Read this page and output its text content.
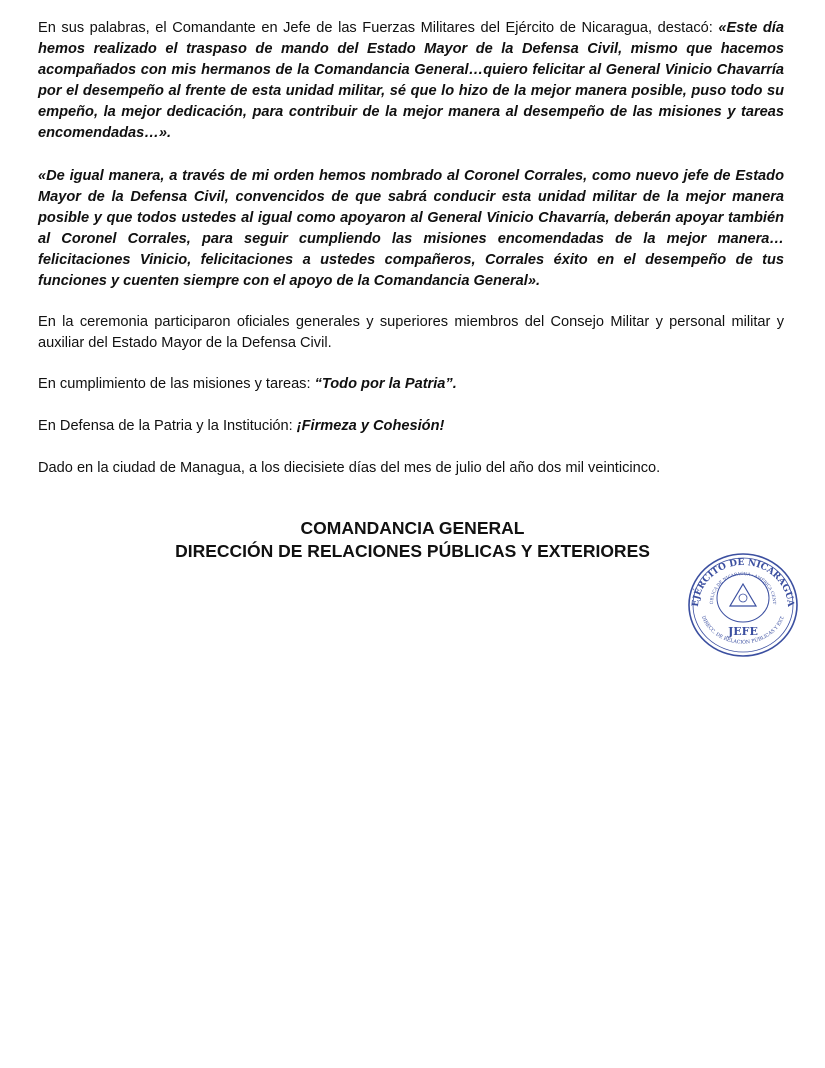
En sus palabras, el Comandante en Jefe de las Fuerzas Militares del Ejército de Nicaragua, destacó: «Este día hemos realizado el traspaso de mando del Estado Mayor de la Defensa Civil, mismo que hacemos acompañados con mis hermanos de la Comandancia General…quiero felicitar al General Vinicio Chavarría por el desempeño al frente de esta unidad militar, sé que lo hizo de la mejor manera posible, puso todo su empeño, la mejor dedicación, para contribuir de la mejor manera al desempeño de las misiones y tareas encomendadas…».

«De igual manera, a través de mi orden hemos nombrado al Coronel Corrales, como nuevo jefe de Estado Mayor de la Defensa Civil, convencidos de que sabrá conducir esta unidad militar de la mejor manera posible y que todos ustedes al igual como apoyaron al General Vinicio Chavarría, deberán apoyar también al Coronel Corrales, para seguir cumpliendo las misiones encomendadas de la mejor manera…felicitaciones Vinicio, felicitaciones a ustedes compañeros, Corrales éxito en el desempeño de tus funciones y cuenten siempre con el apoyo de la Comandancia General».

En la ceremonia participaron oficiales generales y superiores miembros del Consejo Militar y personal militar y auxiliar del Estado Mayor de la Defensa Civil.

En cumplimiento de las misiones y tareas: “Todo por la Patria”.

En Defensa de la Patria y la Institución: ¡Firmeza y Cohesión!

Dado en la ciudad de Managua, a los diecisiete días del mes de julio del año dos mil veinticinco.

COMANDANCIA GENERAL
DIRECCIÓN DE RELACIONES PÚBLICAS Y EXTERIORES
EJÉRCITO DE NICARAGUA
ÚBLICA DE NICARAGUA · AMÉRICA CENT
DIRECC. DE RELACIÓN PÚBLICAS Y EXT.
JEFE
